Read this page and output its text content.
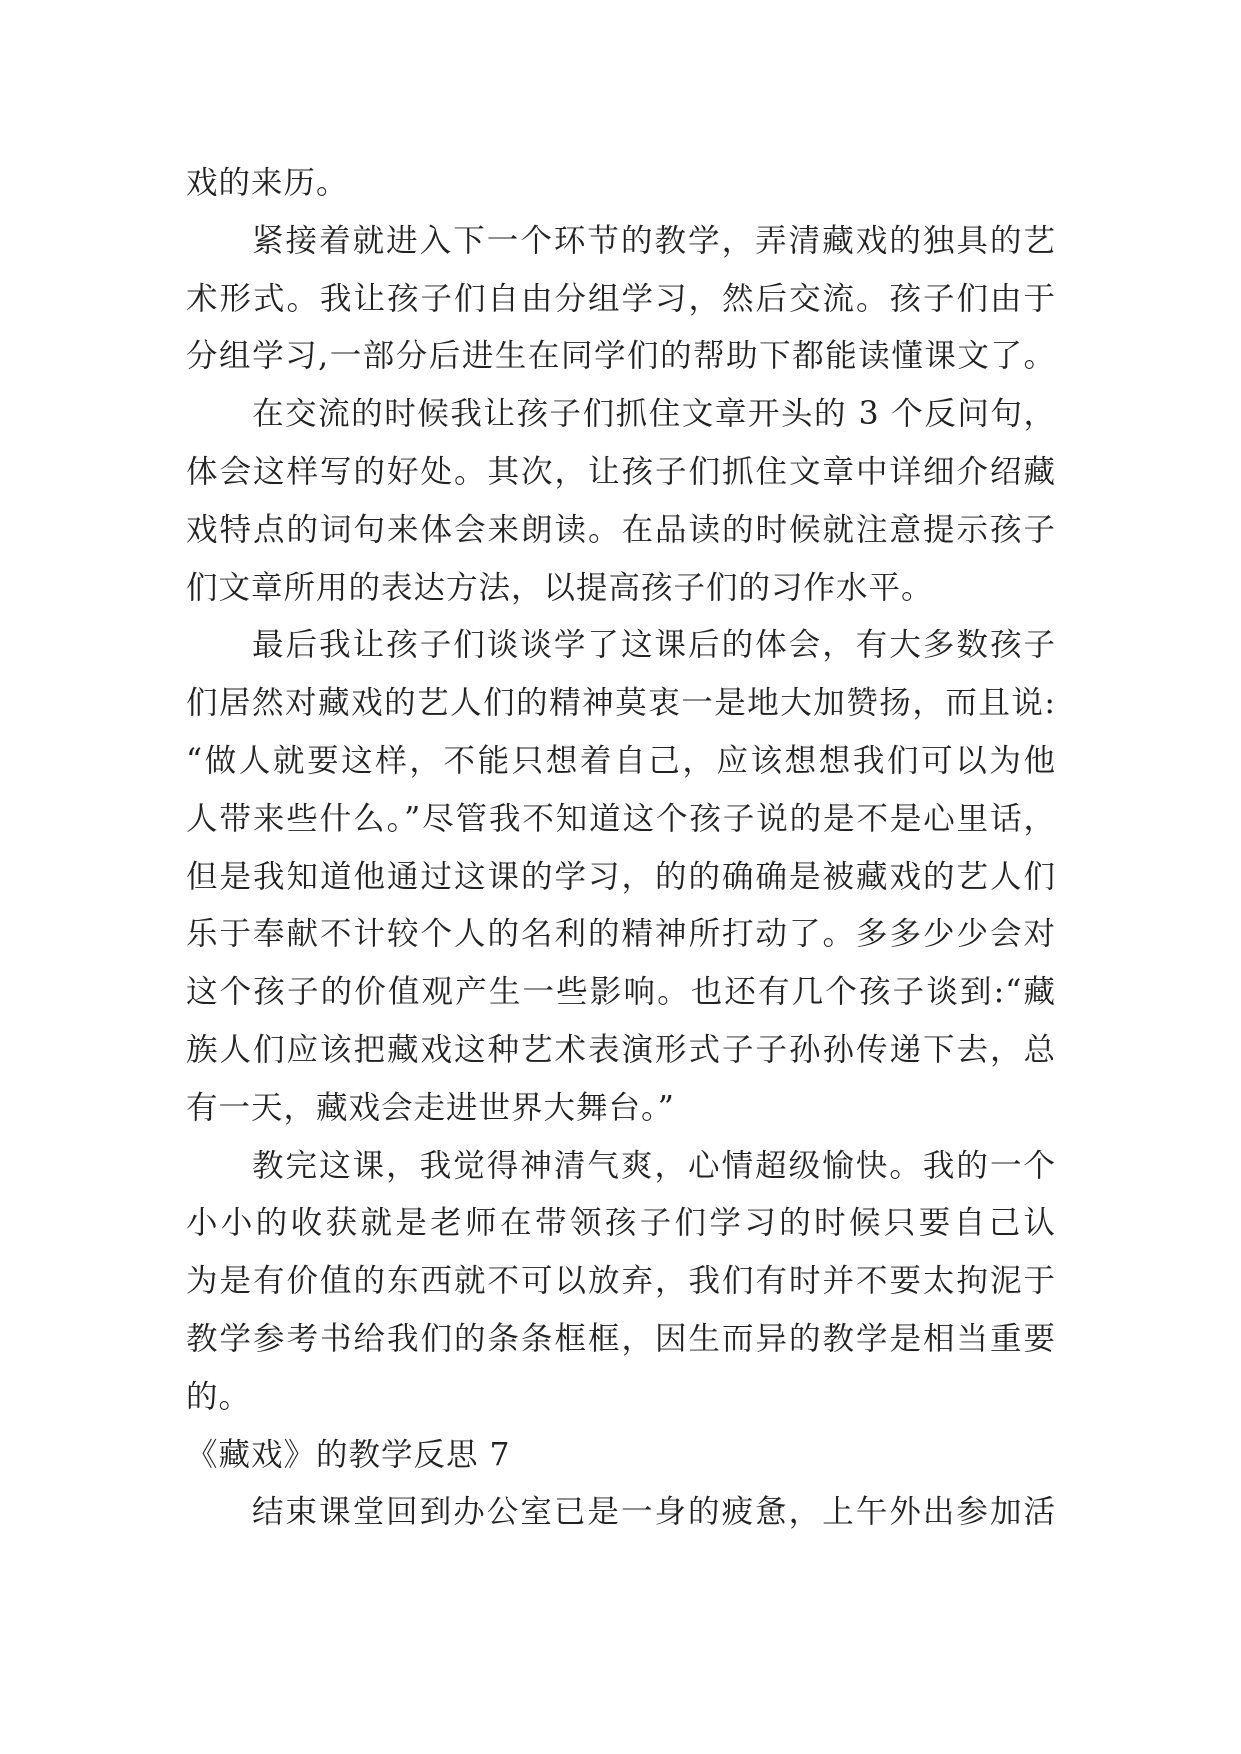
戏的来历。
紧接着就进入下一个环节的教学，弄清藏戏的独具的艺
术形式。我让孩子们自由分组学习，然后交流。孩子们由于
分组学习,一部分后进生在同学们的帮助下都能读懂课文了。
在交流的时候我让孩子们抓住文章开头的 3 个反问句，
体会这样写的好处。其次，让孩子们抓住文章中详细介绍藏
戏特点的词句来体会来朗读。在品读的时候就注意提示孩子
们文章所用的表达方法，以提高孩子们的习作水平。
最后我让孩子们谈谈学了这课后的体会，有大多数孩子
们居然对藏戏的艺人们的精神莫衷一是地大加赞扬，而且说:
“做人就要这样，不能只想着自己，应该想想我们可以为他
人带来些什么。”尽管我不知道这个孩子说的是不是心里话，
但是我知道他通过这课的学习，的的确确是被藏戏的艺人们
乐于奉献不计较个人的名利的精神所打动了。多多少少会对
这个孩子的价值观产生一些影响。也还有几个孩子谈到:“藏
族人们应该把藏戏这种艺术表演形式子子孙孙传递下去，总
有一天，藏戏会走进世界大舞台。”
教完这课，我觉得神清气爽，心情超级愉快。我的一个
小小的收获就是老师在带领孩子们学习的时候只要自己认
为是有价值的东西就不可以放弃，我们有时并不要太拘泥于
教学参考书给我们的条条框框，因生而异的教学是相当重要
的。
《藏戏》的教学反思 7
结束课堂回到办公室已是一身的疲惫，上午外出参加活
